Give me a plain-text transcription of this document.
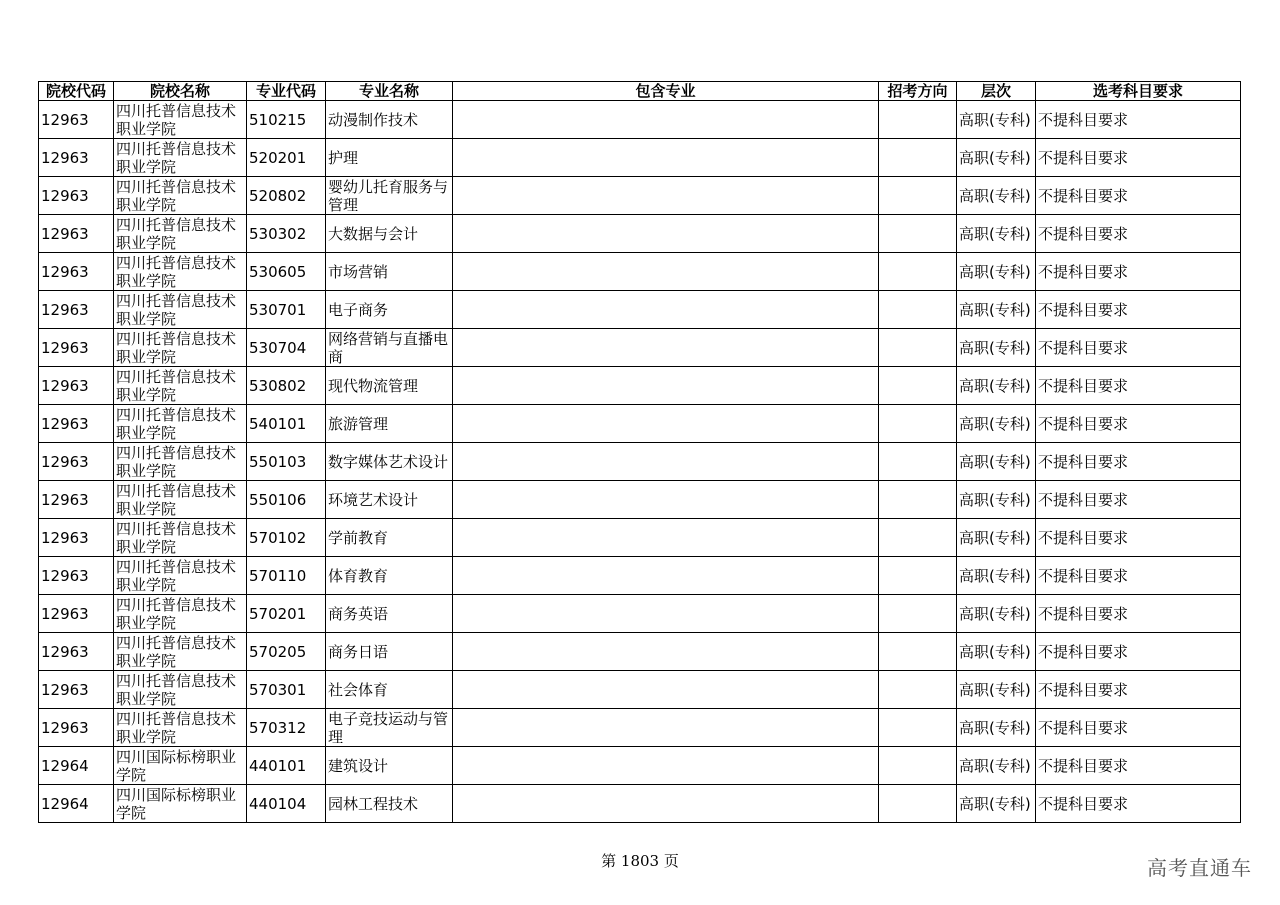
院校代码	院校名称	专业代码	专业名称	包含专业	招考方向	层次	选考科目要求
12963	四川托普信息技术职业学院	510215	动漫制作技术			高职(专科)	不提科目要求
12963	四川托普信息技术职业学院	520201	护理			高职(专科)	不提科目要求
12963	四川托普信息技术职业学院	520802	婴幼儿托育服务与管理			高职(专科)	不提科目要求
12963	四川托普信息技术职业学院	530302	大数据与会计			高职(专科)	不提科目要求
12963	四川托普信息技术职业学院	530605	市场营销			高职(专科)	不提科目要求
12963	四川托普信息技术职业学院	530701	电子商务			高职(专科)	不提科目要求
12963	四川托普信息技术职业学院	530704	网络营销与直播电商			高职(专科)	不提科目要求
12963	四川托普信息技术职业学院	530802	现代物流管理			高职(专科)	不提科目要求
12963	四川托普信息技术职业学院	540101	旅游管理			高职(专科)	不提科目要求
12963	四川托普信息技术职业学院	550103	数字媒体艺术设计			高职(专科)	不提科目要求
12963	四川托普信息技术职业学院	550106	环境艺术设计			高职(专科)	不提科目要求
12963	四川托普信息技术职业学院	570102	学前教育			高职(专科)	不提科目要求
12963	四川托普信息技术职业学院	570110	体育教育			高职(专科)	不提科目要求
12963	四川托普信息技术职业学院	570201	商务英语			高职(专科)	不提科目要求
12963	四川托普信息技术职业学院	570205	商务日语			高职(专科)	不提科目要求
12963	四川托普信息技术职业学院	570301	社会体育			高职(专科)	不提科目要求
12963	四川托普信息技术职业学院	570312	电子竞技运动与管理			高职(专科)	不提科目要求
12964	四川国际标榜职业学院	440101	建筑设计			高职(专科)	不提科目要求
12964	四川国际标榜职业学院	440104	园林工程技术			高职(专科)	不提科目要求
第 1803 页	高考直通车
